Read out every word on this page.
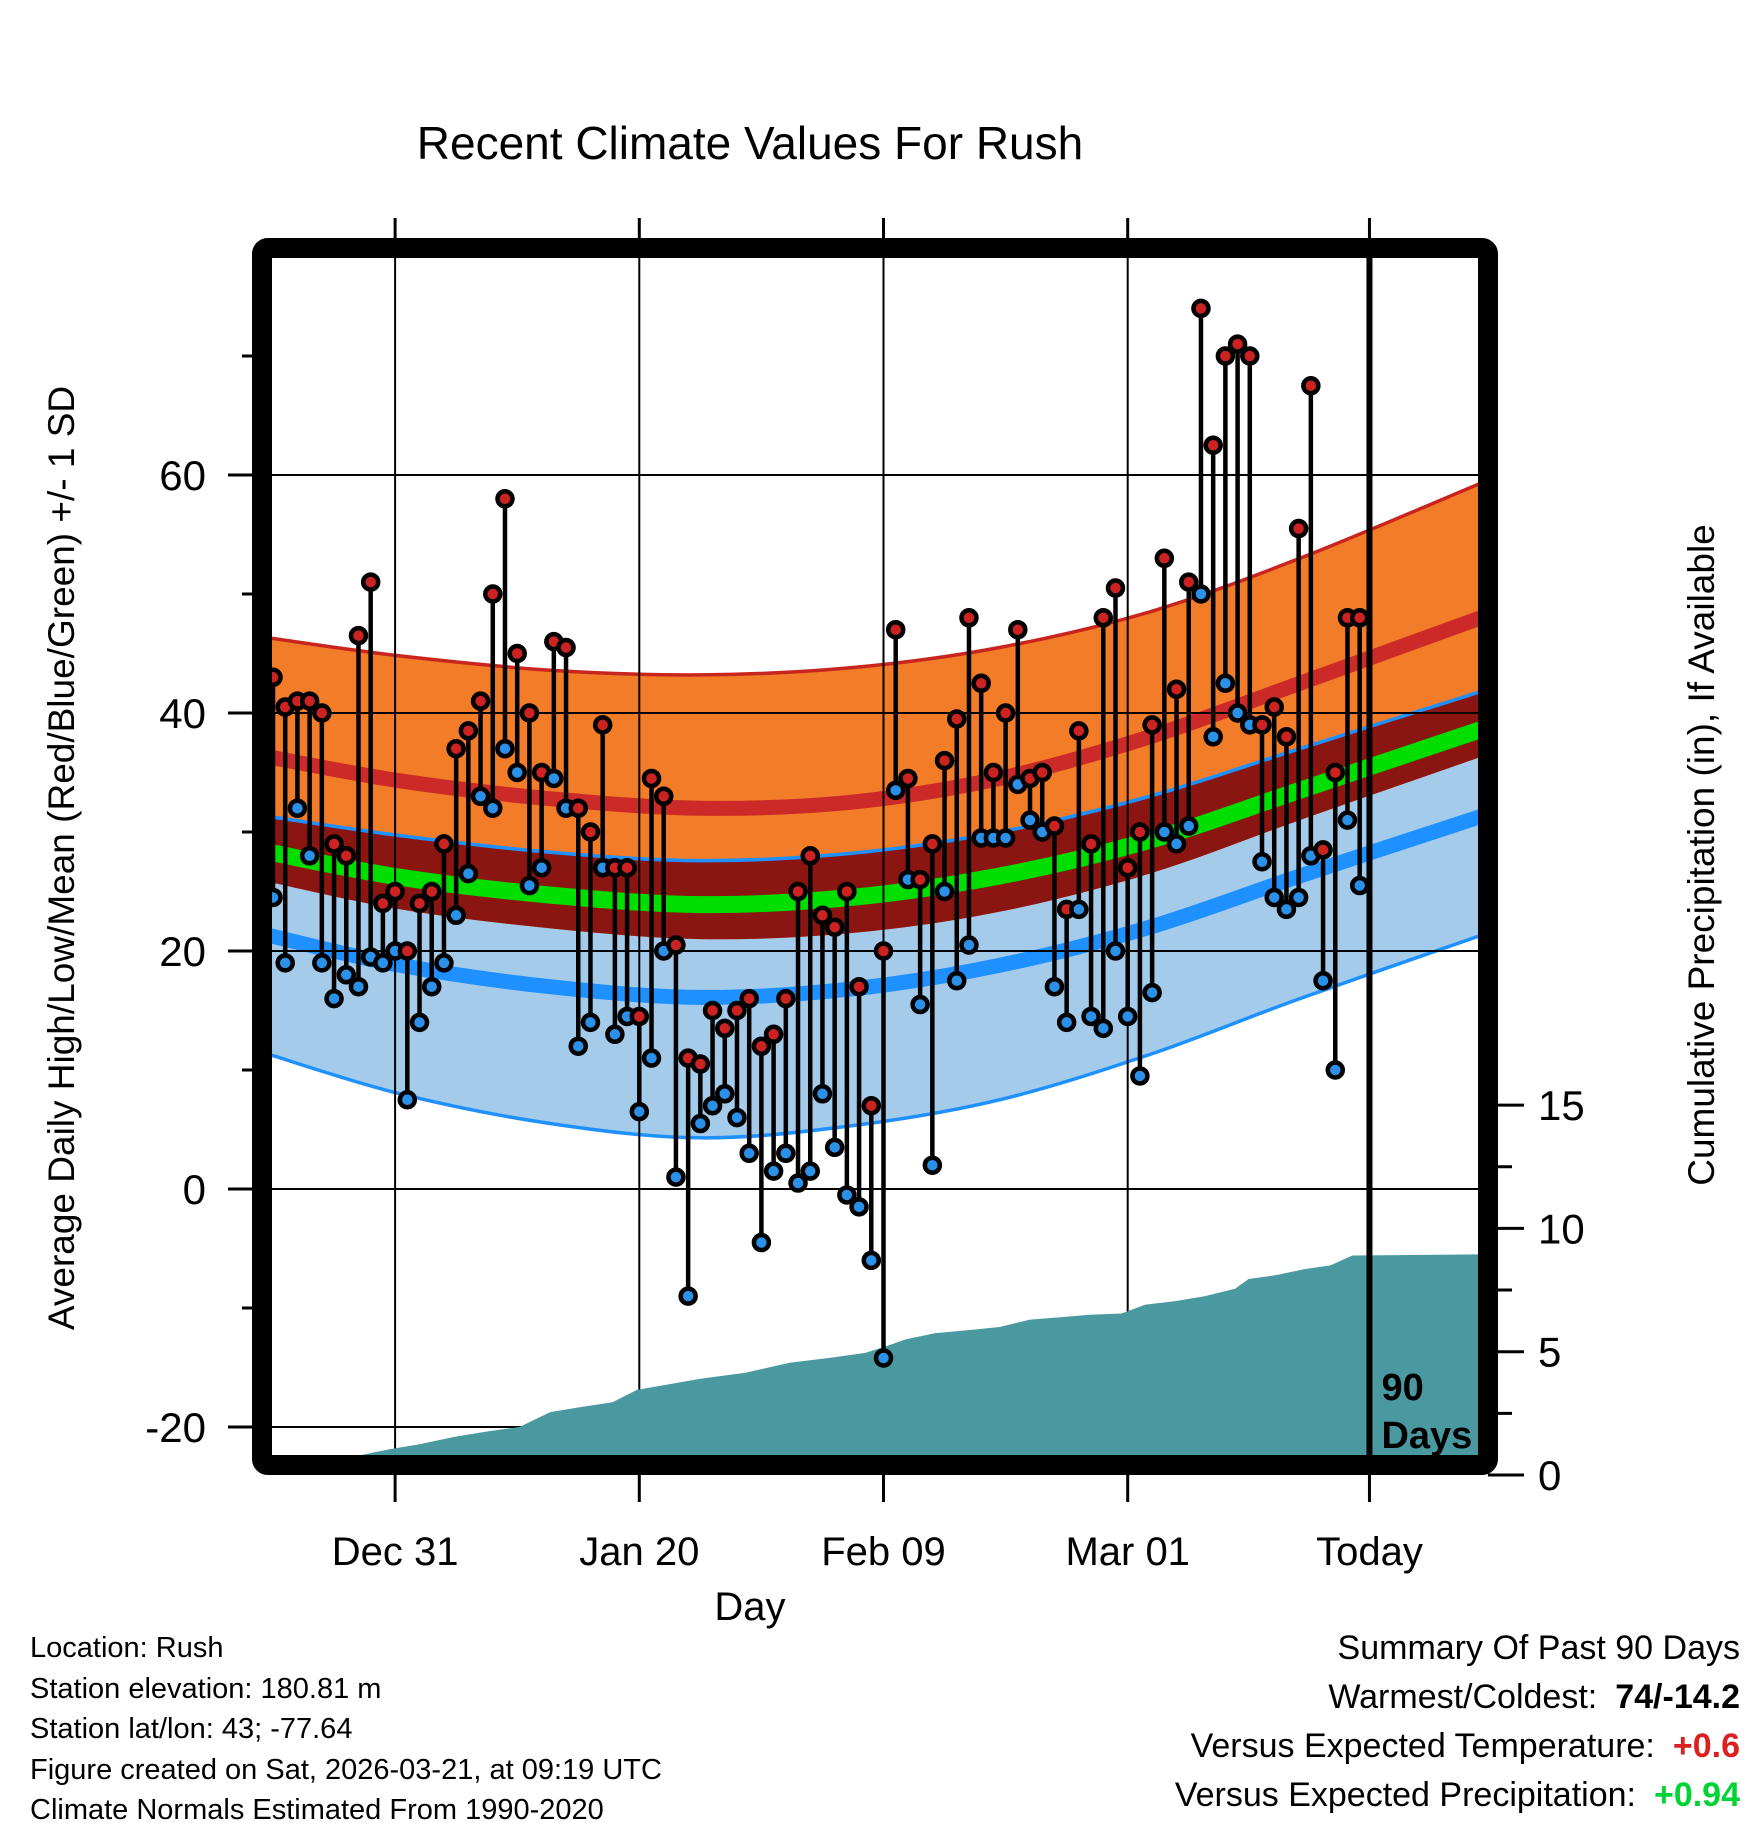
60
40
20
0
-20
15
10
5
0
Dec 31	Jan 20	Feb 09	Mar 01	Today
Day
90
Days
Recent Climate Values For Rush
Average Daily High/Low/Mean (Red/Blue/Green) +/- 1 SD	Cumulative Precipitation (in), If Available
Location: Rush
Station elevation: 180.81 m
Station lat/lon: 43; -77.64
Figure created on Sat, 2026-03-21, at 09:19 UTC
Climate Normals Estimated From 1990-2020
Summary Of Past 90 Days
Warmest/Coldest: 74/-14.2
Versus Expected Temperature: +0.6
Versus Expected Precipitation: +0.94
